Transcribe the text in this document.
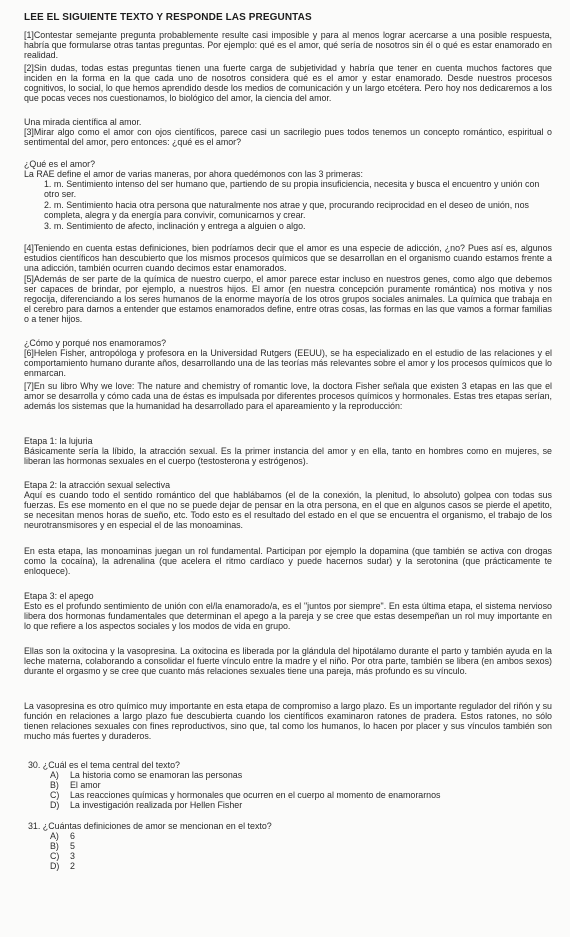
LEE EL SIGUIENTE TEXTO Y RESPONDE LAS PREGUNTAS

[1]Contestar semejante pregunta probablemente resulte casi imposible y para al menos lograr acercarse a una posible respuesta, habría que formularse otras tantas preguntas. Por ejemplo: qué es el amor, qué sería de nosotros sin él o qué es estar enamorado en realidad.

[2]Sin dudas, todas estas preguntas tienen una fuerte carga de subjetividad y habría que tener en cuenta muchos factores que inciden en la forma en la que cada uno de nosotros considera qué es el amor y estar enamorado. Desde nuestros procesos cognitivos, lo social, lo que hemos aprendido desde los medios de comunicación y un largo etcétera. Pero hoy nos dedicaremos a los que pocas veces nos cuestionamos, lo biológico del amor, la ciencia del amor.

Una mirada científica al amor.

[3]Mirar algo como el amor con ojos científicos, parece casi un sacrilegio pues todos tenemos un concepto romántico, espiritual o sentimental del amor, pero entonces: ¿qué es el amor?

¿Qué es el amor?
La RAE define el amor de varias maneras, por ahora quedémonos con las 3 primeras:

1. m. Sentimiento intenso del ser humano que, partiendo de su propia insuficiencia, necesita y busca el encuentro y unión con otro ser.

2. m. Sentimiento hacia otra persona que naturalmente nos atrae y que, procurando reciprocidad en el deseo de unión, nos completa, alegra y da energía para convivir, comunicarnos y crear.

3. m. Sentimiento de afecto, inclinación y entrega a alguien o algo.

[4]Teniendo en cuenta estas definiciones, bien podríamos decir que el amor es una especie de adicción, ¿no? Pues así es, algunos estudios científicos han descubierto que los mismos procesos químicos que se desarrollan en el organismo cuando estamos frente a una adicción, también ocurren cuando decimos estar enamorados.

[5]Además de ser parte de la química de nuestro cuerpo, el amor parece estar incluso en nuestros genes, como algo que debemos ser capaces de brindar, por ejemplo, a nuestros hijos. El amor (en nuestra concepción puramente romántica) nos motiva y nos regocija, diferenciando a los seres humanos de la enorme mayoría de los otros grupos sociales animales. La química que trabaja en el cerebro para darnos a entender que estamos enamorados define, entre otras cosas, las formas en las que vamos a formar familias o a tener hijos.

¿Cómo y porqué nos enamoramos?

[6]Helen Fisher, antropóloga y profesora en la Universidad Rutgers (EEUU), se ha especializado en el estudio de las relaciones y el comportamiento humano durante años, desarrollando una de las teorías más relevantes sobre el amor y los procesos químicos que lo enmarcan.

[7]En su libro Why we love: The nature and chemistry of romantic love, la doctora Fisher señala que existen 3 etapas en las que el amor se desarrolla y cómo cada una de éstas es impulsada por diferentes procesos químicos y hormonales. Estas tres etapas serían, además los sistemas que la humanidad ha desarrollado para el apareamiento y la reproducción:

Etapa 1: la lujuria

Básicamente sería la líbido, la atracción sexual. Es la primer instancia del amor y en ella, tanto en hombres como en mujeres, se liberan las hormonas sexuales en el cuerpo (testosterona y estrógenos).

Etapa 2: la atracción sexual selectiva

Aquí es cuando todo el sentido romántico del que hablábamos (el de la conexión, la plenitud, lo absoluto) golpea con todas sus fuerzas. Es ese momento en el que no se puede dejar de pensar en la otra persona, en el que en algunos casos se pierde el apetito, se necesitan menos horas de sueño, etc. Todo esto es el resultado del estado en el que se encuentra el organismo, el trabajo de los neurotransmisores y en especial el de las monoaminas.

En esta etapa, las monoaminas juegan un rol fundamental. Participan por ejemplo la dopamina (que también se activa con drogas como la cocaína), la adrenalina (que acelera el ritmo cardíaco y puede hacernos sudar) y la serotonina (que prácticamente te enloquece).

Etapa 3: el apego

Esto es el profundo sentimiento de unión con el/la enamorado/a, es el "juntos por siempre". En esta última etapa, el sistema nervioso libera dos hormonas fundamentales que determinan el apego a la pareja y se cree que estas desempeñan un rol muy importante en lo que refiere a los aspectos sociales y los modos de vida en grupo.

Ellas son la oxitocina y la vasopresina. La oxitocina es liberada por la glándula del hipotálamo durante el parto y también ayuda en la leche materna, colaborando a consolidar el fuerte vínculo entre la madre y el niño. Por otra parte, también se libera (en ambos sexos) durante el orgasmo y se cree que cuanto más relaciones sexuales tiene una pareja, más profundo es su vínculo.

La vasopresina es otro químico muy importante en esta etapa de compromiso a largo plazo. Es un importante regulador del riñón y su función en relaciones a largo plazo fue descubierta cuando los científicos examinaron ratones de pradera. Estos ratones, no sólo tienen relaciones sexuales con fines reproductivos, sino que, tal como los humanos, lo hacen por placer y sus vínculos también son mucho más fuertes y duraderos.

30. ¿Cuál es el tema central del texto?
A) La historia como se enamoran las personas
B) El amor
C) Las reacciones químicas y hormonales que ocurren en el cuerpo al momento de enamorarnos
D) La investigación realizada por Hellen Fisher
31. ¿Cuántas definiciones de amor se mencionan en el texto?
A) 6
B) 5
C) 3
D) 2
